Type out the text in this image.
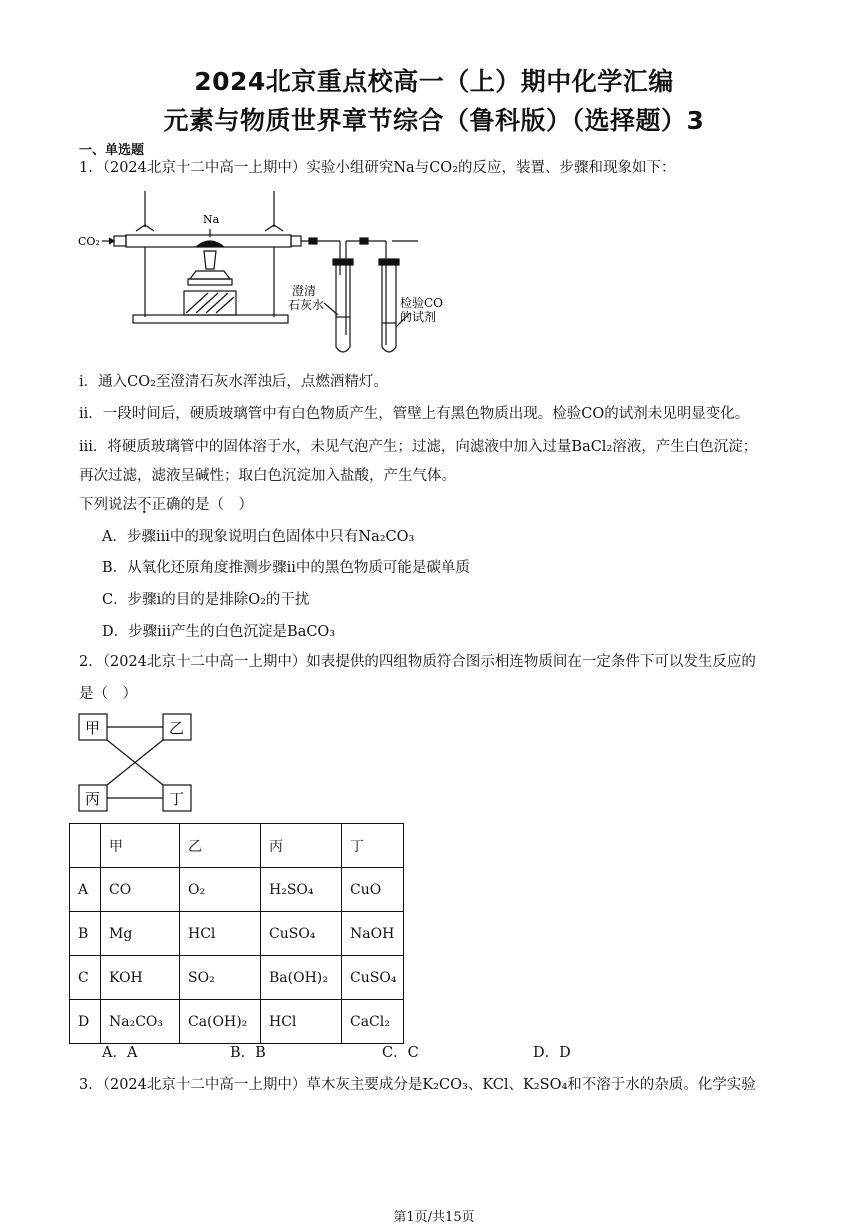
2024北京重点校高一（上）期中化学汇编
元素与物质世界章节综合（鲁科版）（选择题）3
一、单选题
1．（2024北京十二中高一上期中）实验小组研究Na与CO₂的反应，装置、步骤和现象如下：
Na
CO₂
澄清
石灰水	检验CO
的试剂
i．通入CO₂至澄清石灰水浑浊后，点燃酒精灯。
ii．一段时间后，硬质玻璃管中有白色物质产生，管壁上有黑色物质出现。检验CO的试剂未见明显变化。
iii．将硬质玻璃管中的固体溶于水，未见气泡产生；过滤，向滤液中加入过量BaCl₂溶液，产生白色沉淀；
再次过滤，滤液呈碱性；取白色沉淀加入盐酸，产生气体。
下列说法不正确的是（　）
A．步骤iii中的现象说明白色固体中只有Na₂CO₃
B．从氧化还原角度推测步骤ii中的黑色物质可能是碳单质
C．步骤i的目的是排除O₂的干扰
D．步骤iii产生的白色沉淀是BaCO₃
2．（2024北京十二中高一上期中）如表提供的四组物质符合图示相连物质间在一定条件下可以发生反应的
是（　）
甲	乙
丙	丁
	甲	乙	丙	丁
A	CO	O₂	H₂SO₄	CuO
B	Mg	HCl	CuSO₄	NaOH
C	KOH	SO₂	Ba(OH)₂	CuSO₄
D	Na₂CO₃	Ca(OH)₂	HCl	CaCl₂
A．A	B．B	C．C	D．D
3．（2024北京十二中高一上期中）草木灰主要成分是K₂CO₃、KCl、K₂SO₄和不溶于水的杂质。化学实验
第1页/共15页
